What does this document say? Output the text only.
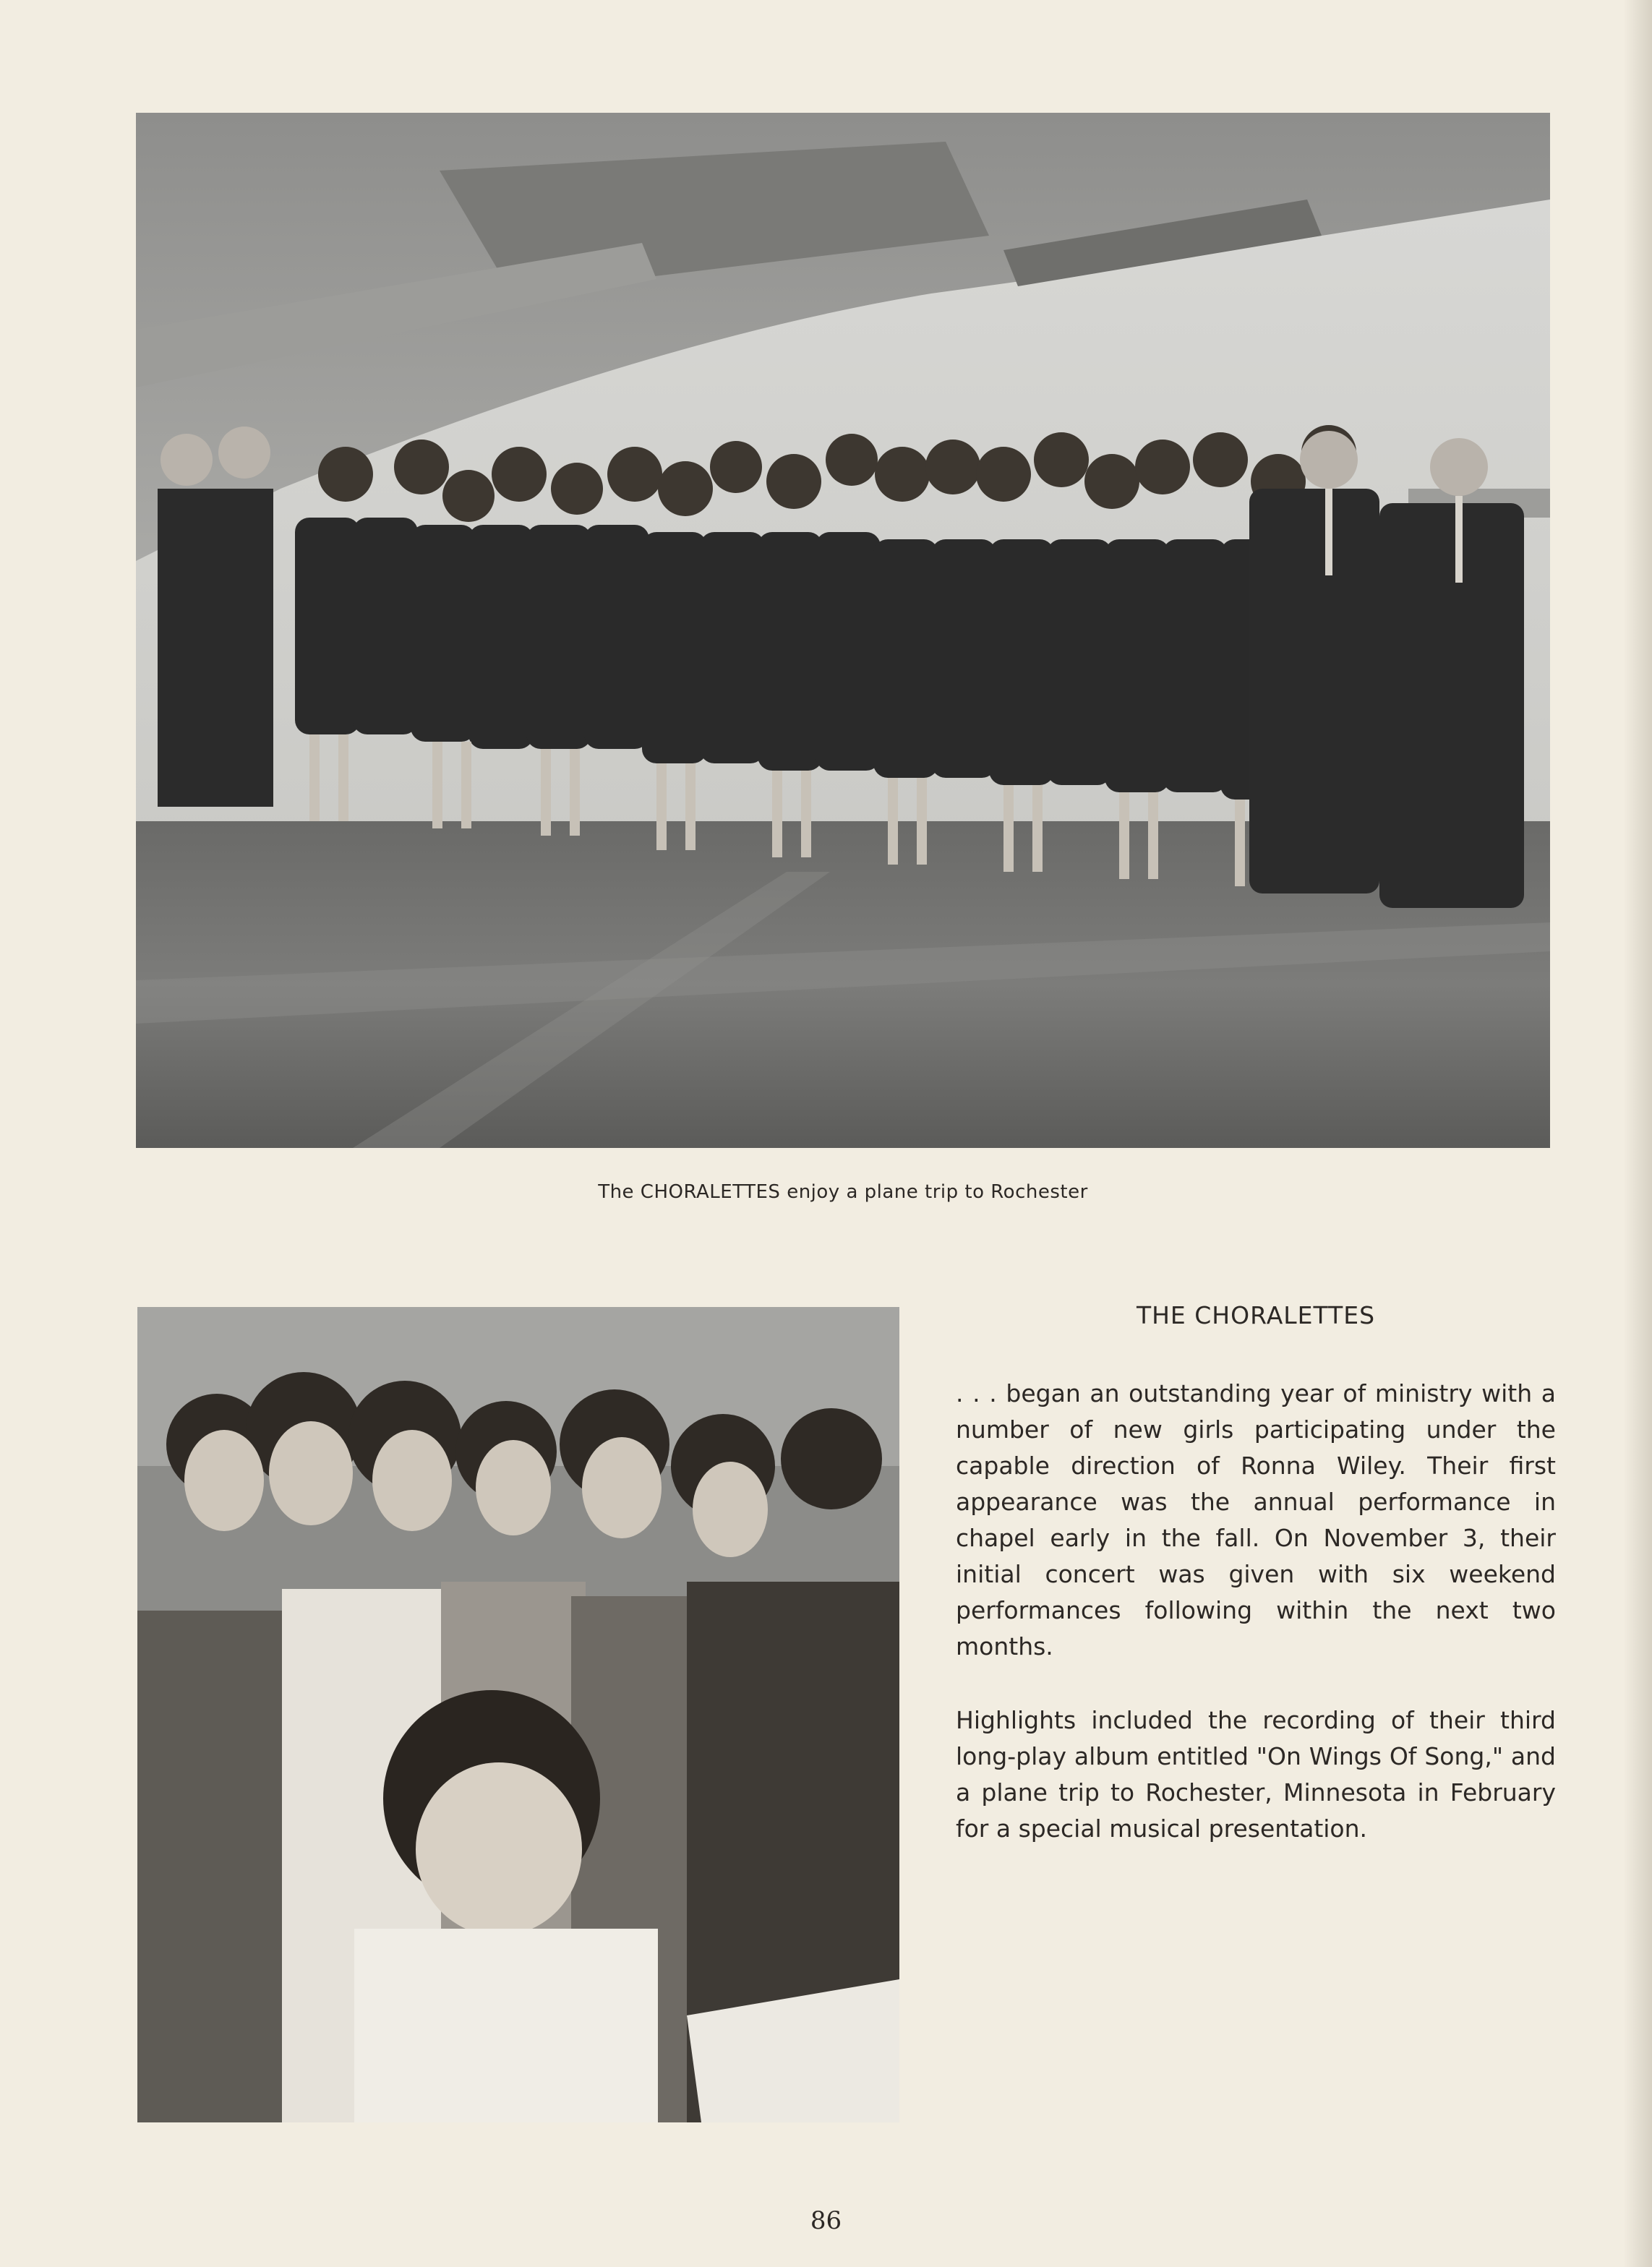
The CHORALETTES enjoy a plane trip to Rochester
THE CHORALETTES

. . . began an outstanding year of ministry with a number of new girls participating under the capable direction of Ronna Wiley. Their first appearance was the annual performance in chapel early in the fall. On November 3, their initial concert was given with six weekend performances following within the next two months.

Highlights included the recording of their third long-play album entitled "On Wings Of Song," and a plane trip to Rochester, Minnesota in February for a special musical presentation.

86
